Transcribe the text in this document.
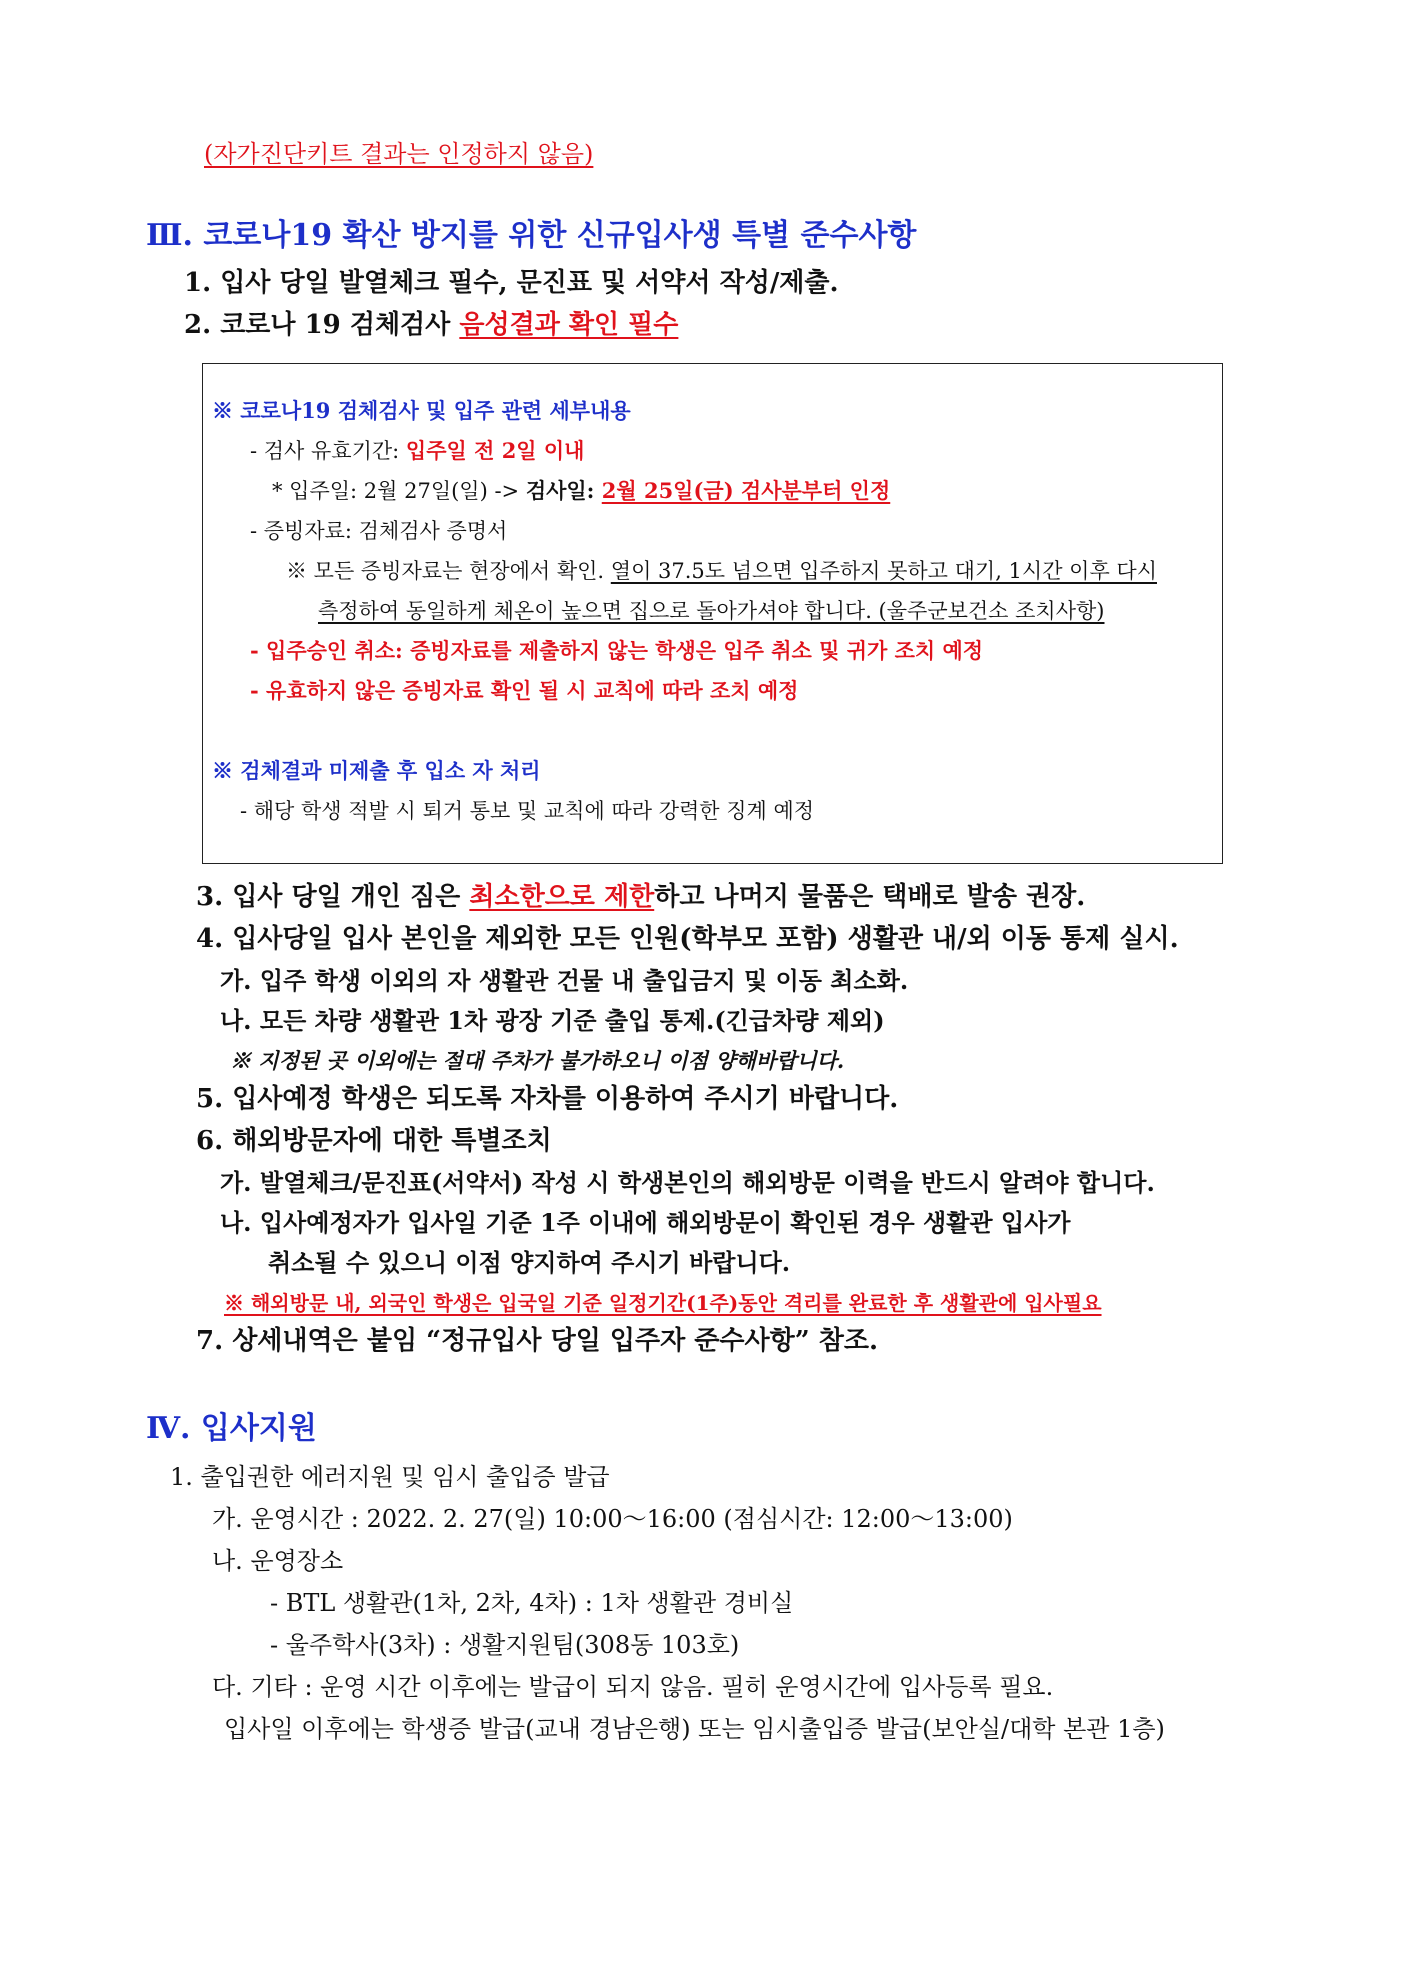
(자가진단키트 결과는 인정하지 않음)
Ⅲ. 코로나19 확산 방지를 위한 신규입사생 특별 준수사항
1. 입사 당일 발열체크 필수, 문진표 및 서약서 작성/제출.
2. 코로나 19 검체검사 음성결과 확인 필수
※ 코로나19 검체검사 및 입주 관련 세부내용
- 검사 유효기간: 입주일 전 2일 이내
* 입주일: 2월 27일(일) -> 검사일: 2월 25일(금) 검사분부터 인정
- 증빙자료: 검체검사 증명서
※ 모든 증빙자료는 현장에서 확인. 열이 37.5도 넘으면 입주하지 못하고 대기, 1시간 이후 다시
측정하여 동일하게 체온이 높으면 집으로 돌아가셔야 합니다. (울주군보건소 조치사항)
- 입주승인 취소: 증빙자료를 제출하지 않는 학생은 입주 취소 및 귀가 조치 예정
- 유효하지 않은 증빙자료 확인 될 시 교칙에 따라 조치 예정
※ 검체결과 미제출 후 입소 자 처리
- 해당 학생 적발 시 퇴거 통보 및 교칙에 따라 강력한 징계 예정
3. 입사 당일 개인 짐은 최소한으로 제한하고 나머지 물품은 택배로 발송 권장.
4. 입사당일 입사 본인을 제외한 모든 인원(학부모 포함) 생활관 내/외 이동 통제 실시.
가. 입주 학생 이외의 자 생활관 건물 내 출입금지 및 이동 최소화.
나. 모든 차량 생활관 1차 광장 기준 출입 통제.(긴급차량 제외)
※ 지정된 곳 이외에는 절대 주차가 불가하오니 이점 양해바랍니다.
5. 입사예정 학생은 되도록 자차를 이용하여 주시기 바랍니다.
6. 해외방문자에 대한 특별조치
가. 발열체크/문진표(서약서) 작성 시 학생본인의 해외방문 이력을 반드시 알려야 합니다.
나. 입사예정자가 입사일 기준 1주 이내에 해외방문이 확인된 경우 생활관 입사가
취소될 수 있으니 이점 양지하여 주시기 바랍니다.
※ 해외방문 내, 외국인 학생은 입국일 기준 일정기간(1주)동안 격리를 완료한 후 생활관에 입사필요
7. 상세내역은 붙임 “정규입사 당일 입주자 준수사항” 참조.
Ⅳ. 입사지원
1. 출입권한 에러지원 및 임시 출입증 발급
가. 운영시간 : 2022. 2. 27(일) 10:00～16:00 (점심시간: 12:00～13:00)
나. 운영장소
- BTL 생활관(1차, 2차, 4차) : 1차 생활관 경비실
- 울주학사(3차) : 생활지원팀(308동 103호)
다. 기타 : 운영 시간 이후에는 발급이 되지 않음. 필히 운영시간에 입사등록 필요.
입사일 이후에는 학생증 발급(교내 경남은행) 또는 임시출입증 발급(보안실/대학 본관 1층)
